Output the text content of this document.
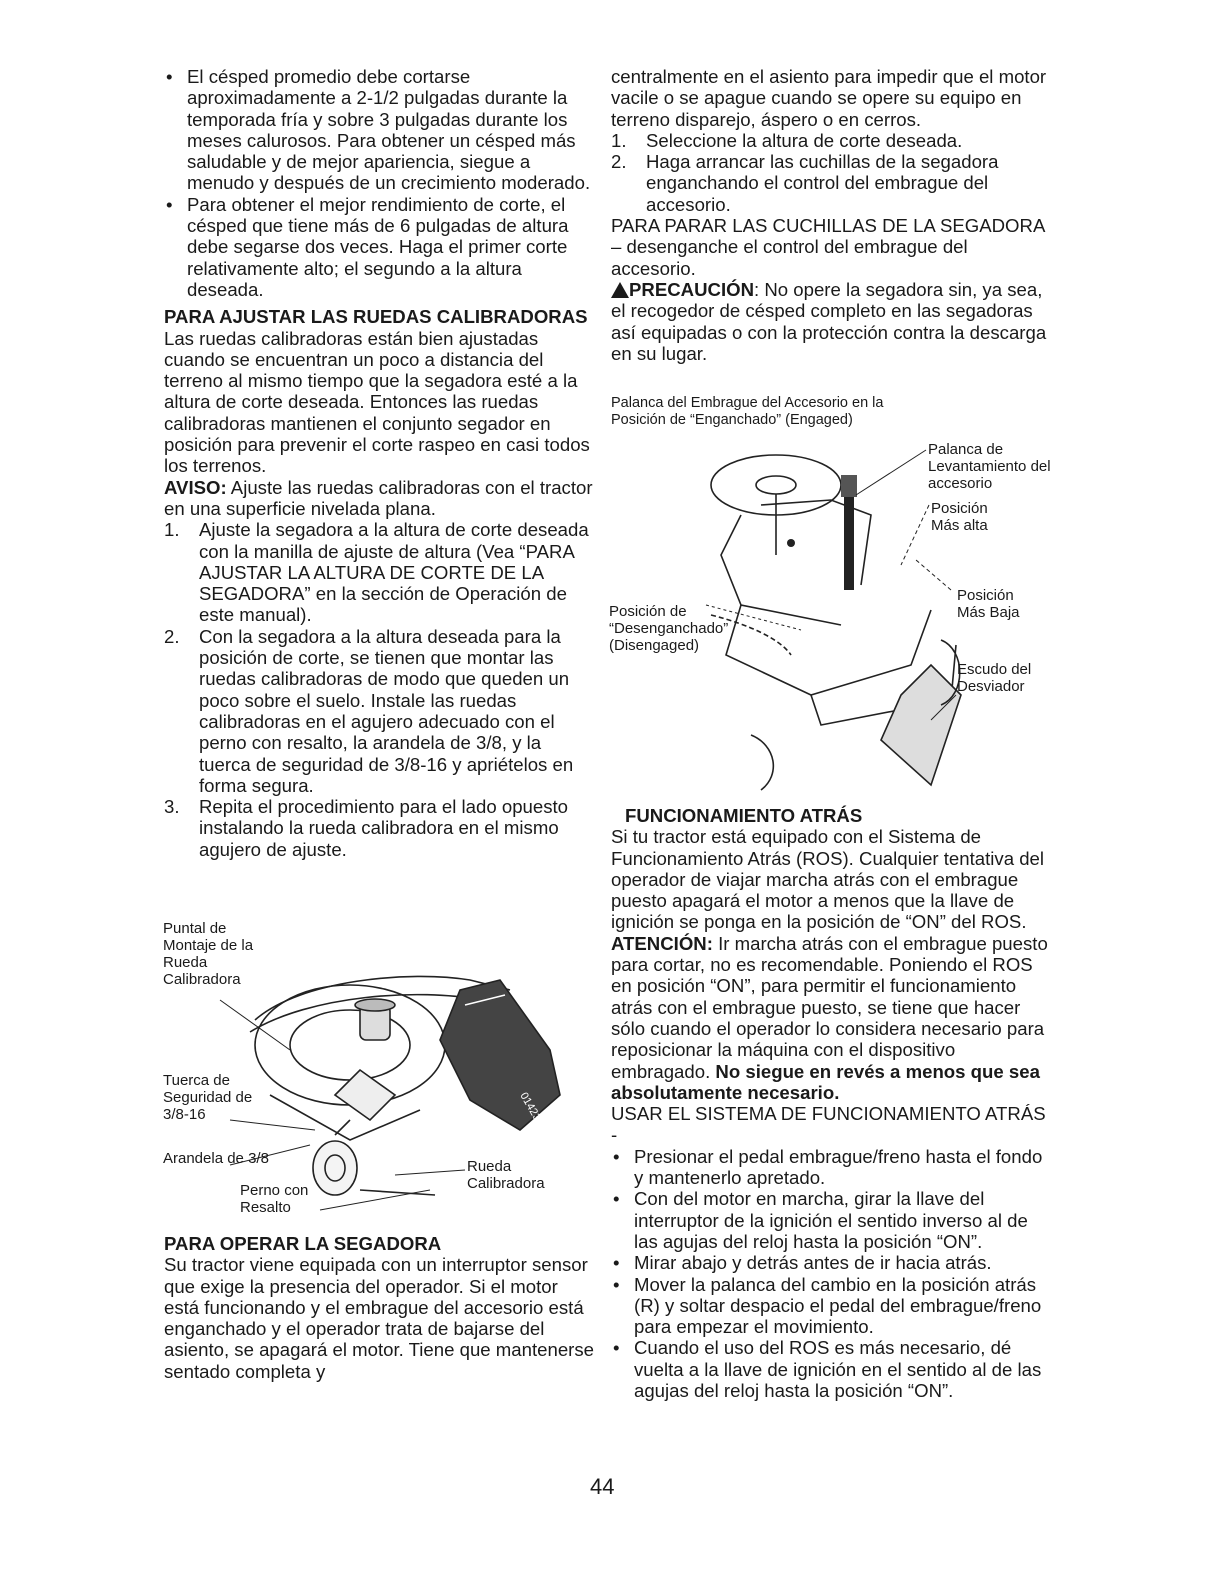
• El césped promedio debe cortarse aproximadamente a 2-1/2 pulgadas durante la temporada fría y sobre 3 pulgadas durante los meses calurosos. Para obtener un césped más saludable y de mejor apariencia, siegue a menudo y después de un crecimiento moderado.

• Para obtener el mejor rendimiento de corte, el césped que tiene más de 6 pulgadas de altura debe segarse dos veces. Haga el primer corte relativamente alto; el segundo a la altura deseada.

PARA AJUSTAR LAS RUEDAS CALIBRADORAS

Las ruedas calibradoras están bien ajustadas cuando se encuentran un poco a distancia del terreno al mismo tiempo que la segadora esté a la altura de corte deseada. Entonces las ruedas calibradoras mantienen el conjunto segador en posición para prevenir el corte raspeo en casi todos los terrenos.

AVISO: Ajuste las ruedas calibradoras con el tractor en una superficie nivelada plana.

1. Ajuste la segadora a la altura de corte deseada con la manilla de ajuste de altura (Vea “PARA AJUSTAR LA ALTURA DE CORTE DE LA SEGADORA” en la sección de Operación de este manual).

2. Con la segadora a la altura deseada para la posición de corte, se tienen que montar las ruedas calibradoras de modo que queden un poco sobre el suelo. Instale las ruedas calibradoras en el agujero adecuado con el perno con resalto, la arandela de 3/8, y la tuerca de seguridad de 3/8-16 y apriételos en forma segura.

3. Repita el procedimiento para el lado opuesto instalando la rueda calibradora en el mismo agujero de ajuste.

01423
Puntal de Montaje de la Rueda Calibradora
Tuerca de Seguridad de 3/8-16
Arandela de 3/8
Perno con Resalto
Rueda Calibradora

PARA OPERAR LA SEGADORA

Su tractor viene equipada con un interruptor sensor que exige la presencia del operador. Si el motor está funcionando y el embrague del accesorio está enganchado y el operador trata de bajarse del asiento, se apagará el motor. Tiene que mantenerse sentado completa y

centralmente en el asiento para impedir que el motor vacile o se apague cuando se opere su equipo en terreno disparejo, áspero o en cerros.

1. Seleccione la altura de corte deseada.

2. Haga arrancar las cuchillas de la segadora enganchando el control del embrague del accesorio.

PARA PARAR LAS CUCHILLAS DE LA SEGADORA – desenganche el control del embrague del accesorio.

PRECAUCIÓN: No opere la segadora sin, ya sea, el recogedor de césped completo en las segadoras así equipadas o con la protección contra la descarga en su lugar.

Palanca del Embrague del Accesorio en la Posición de “Enganchado” (Engaged)
Palanca de Levantamiento del accesorio
Posición Más alta
Posición Más Baja
Escudo del Desviador
Posición de “Desenganchado” (Disengaged)

FUNCIONAMIENTO ATRÁS

Si tu tractor está equipado con el Sistema de Funcionamiento Atrás (ROS). Cualquier tentativa del operador de viajar marcha atrás con el embrague puesto apagará el motor a menos que la llave de ignición se ponga en la posición de “ON” del ROS.

ATENCIÓN: Ir marcha atrás con el embrague puesto para cortar, no es recomendable. Poniendo el ROS en posición “ON”, para permitir el funcionamiento atrás con el embrague puesto, se tiene que hacer sólo cuando el operador lo considera necesario para reposicionar la máquina con el dispositivo embragado. No siegue en revés a menos que sea absolutamente necesario.

USAR EL SISTEMA DE FUNCIONAMIENTO ATRÁS -

• Presionar el pedal embrague/freno hasta el fondo y mantenerlo apretado.

• Con del motor en marcha, girar la llave del interruptor de la ignición el sentido inverso al de las agujas del reloj hasta la posición “ON”.

• Mirar abajo y detrás antes de ir hacia atrás.

• Mover la palanca del cambio en la posición atrás (R) y soltar despacio el pedal del embrague/freno para empezar el movimiento.

• Cuando el uso del ROS es más necesario, dé vuelta a la llave de ignición en el sentido al de las agujas del reloj hasta la posición “ON”.

44
